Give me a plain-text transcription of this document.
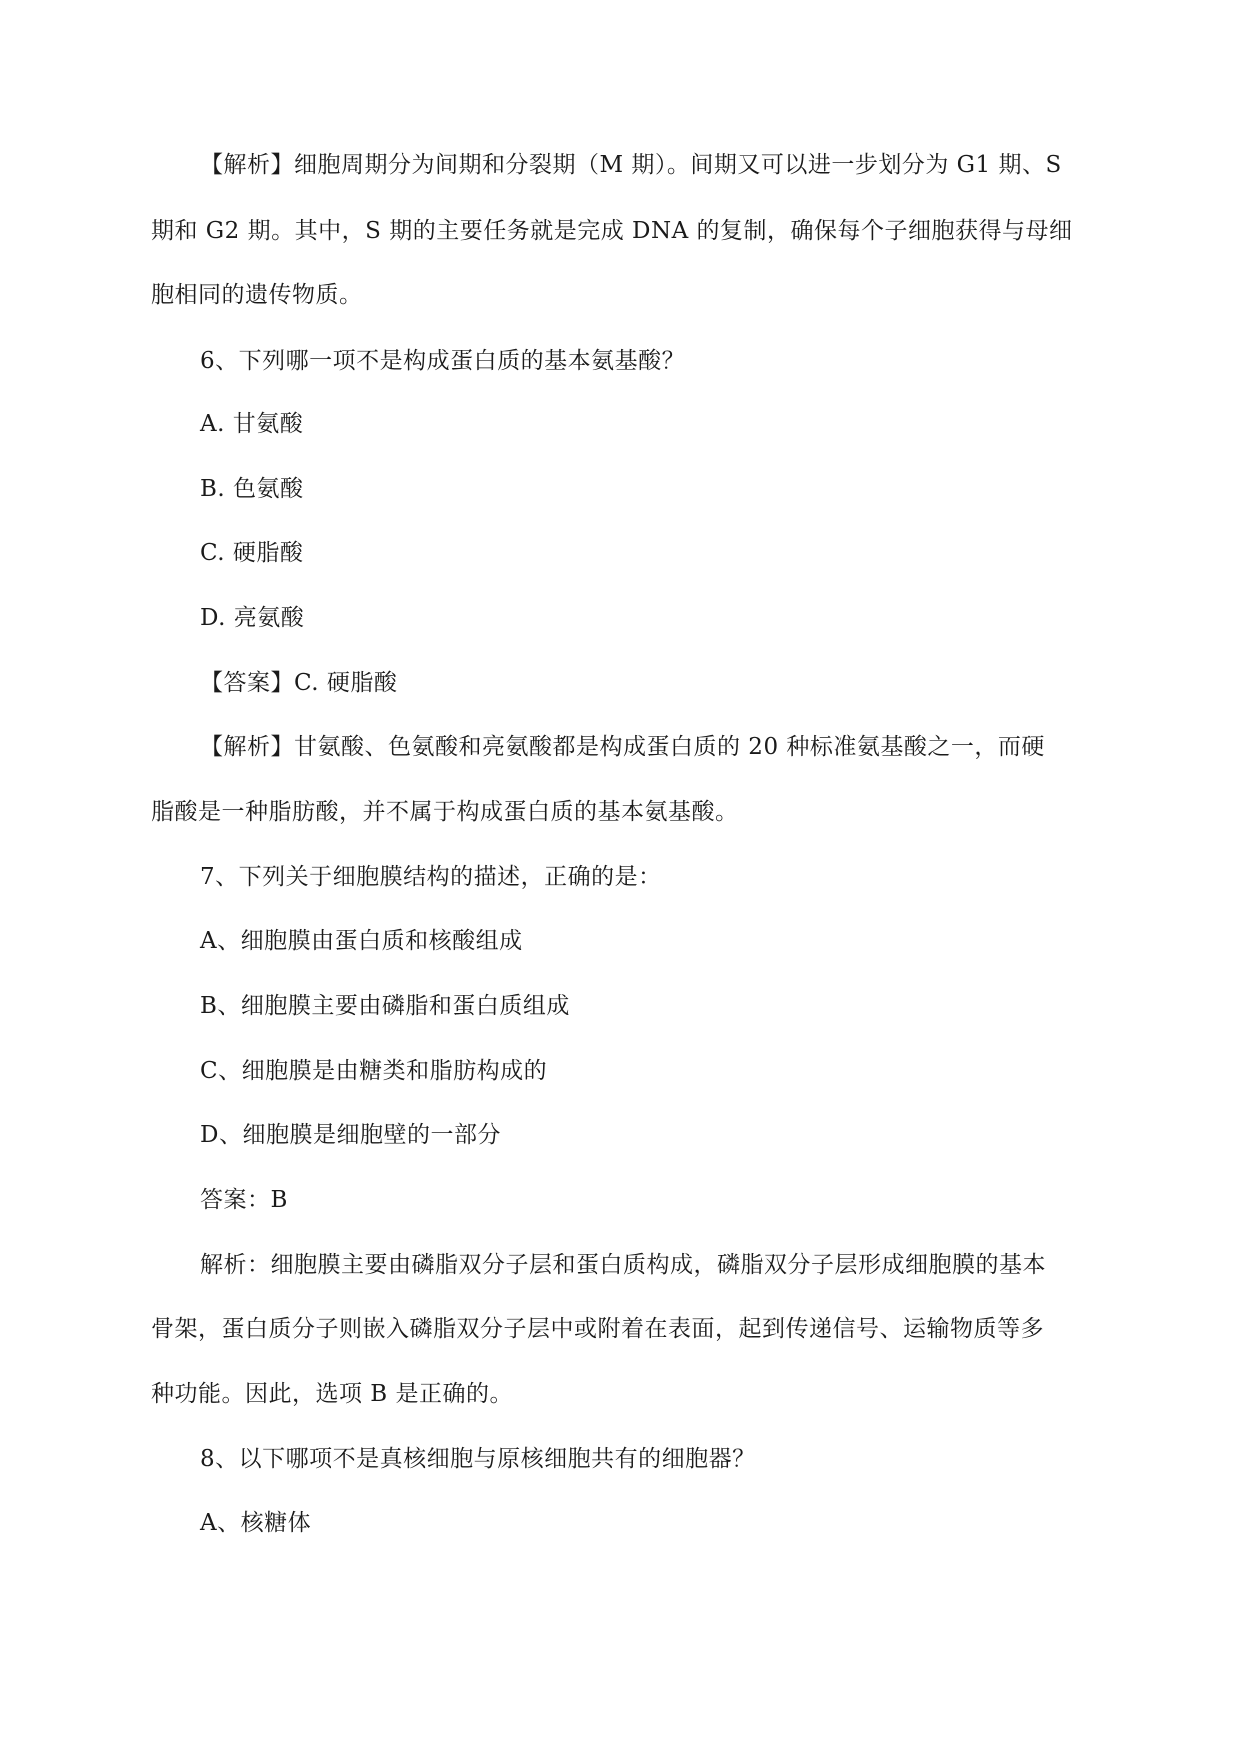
【解析】细胞周期分为间期和分裂期（M 期）。间期又可以进一步划分为 G1 期、S
期和 G2 期。其中，S 期的主要任务就是完成 DNA 的复制，确保每个子细胞获得与母细
胞相同的遗传物质。
6、下列哪一项不是构成蛋白质的基本氨基酸？
A. 甘氨酸
B. 色氨酸
C. 硬脂酸
D. 亮氨酸
【答案】C. 硬脂酸
【解析】甘氨酸、色氨酸和亮氨酸都是构成蛋白质的 20 种标准氨基酸之一，而硬
脂酸是一种脂肪酸，并不属于构成蛋白质的基本氨基酸。
7、下列关于细胞膜结构的描述，正确的是：
A、细胞膜由蛋白质和核酸组成
B、细胞膜主要由磷脂和蛋白质组成
C、细胞膜是由糖类和脂肪构成的
D、细胞膜是细胞壁的一部分
答案：B
解析：细胞膜主要由磷脂双分子层和蛋白质构成，磷脂双分子层形成细胞膜的基本
骨架，蛋白质分子则嵌入磷脂双分子层中或附着在表面，起到传递信号、运输物质等多
种功能。因此，选项 B 是正确的。
8、以下哪项不是真核细胞与原核细胞共有的细胞器？
A、核糖体
